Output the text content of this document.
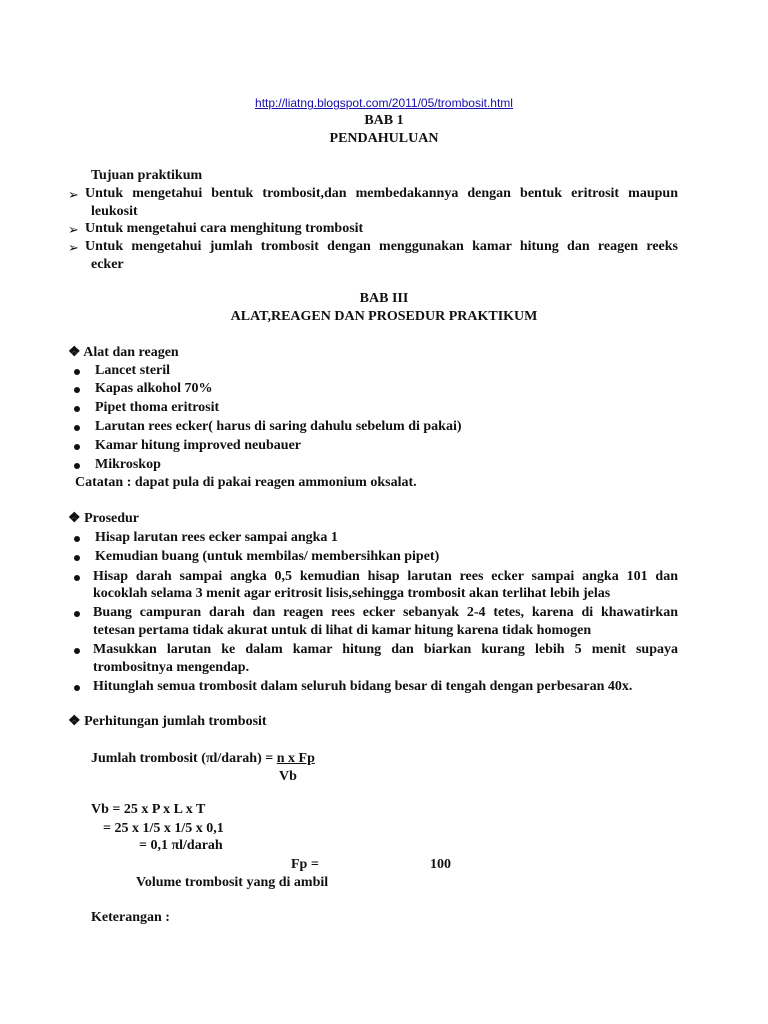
http://liatng.blogspot.com/2011/05/trombosit.html
BAB 1
PENDAHULUAN
Tujuan praktikum
➢ Untuk mengetahui bentuk trombosit,dan membedakannya dengan bentuk eritrosit maupun
leukosit
➢ Untuk mengetahui cara menghitung trombosit
➢ Untuk mengetahui jumlah trombosit dengan menggunakan kamar hitung dan reagen reeks
ecker
BAB III
ALAT,REAGEN DAN PROSEDUR PRAKTIKUM
❖ Alat dan reagen
Lancet steril
Kapas alkohol 70%
Pipet thoma eritrosit
Larutan rees ecker( harus di saring dahulu sebelum di pakai)
Kamar hitung improved neubauer
Mikroskop
Catatan : dapat pula di pakai reagen ammonium oksalat.
❖ Prosedur
Hisap larutan rees ecker sampai angka 1
Kemudian buang (untuk membilas/ membersihkan pipet)
Hisap darah sampai angka 0,5 kemudian hisap larutan rees ecker sampai angka 101 dan
kocoklah selama 3 menit agar eritrosit lisis,sehingga trombosit akan terlihat lebih jelas
Buang campuran darah dan reagen rees ecker sebanyak 2-4 tetes, karena di khawatirkan
tetesan pertama tidak akurat untuk di lihat di kamar hitung karena tidak homogen
Masukkan larutan ke dalam kamar hitung dan biarkan kurang lebih 5 menit supaya
trombositnya mengendap.
Hitunglah semua trombosit dalam seluruh bidang besar di tengah dengan perbesaran 40x.
❖ Perhitungan jumlah trombosit
Jumlah trombosit (πl/darah) = n x Fp
Vb
Vb = 25 x P x L x T
= 25 x 1/5 x 1/5 x 0,1
= 0,1 πl/darah
Fp =	100
Volume trombosit yang di ambil
Keterangan :
